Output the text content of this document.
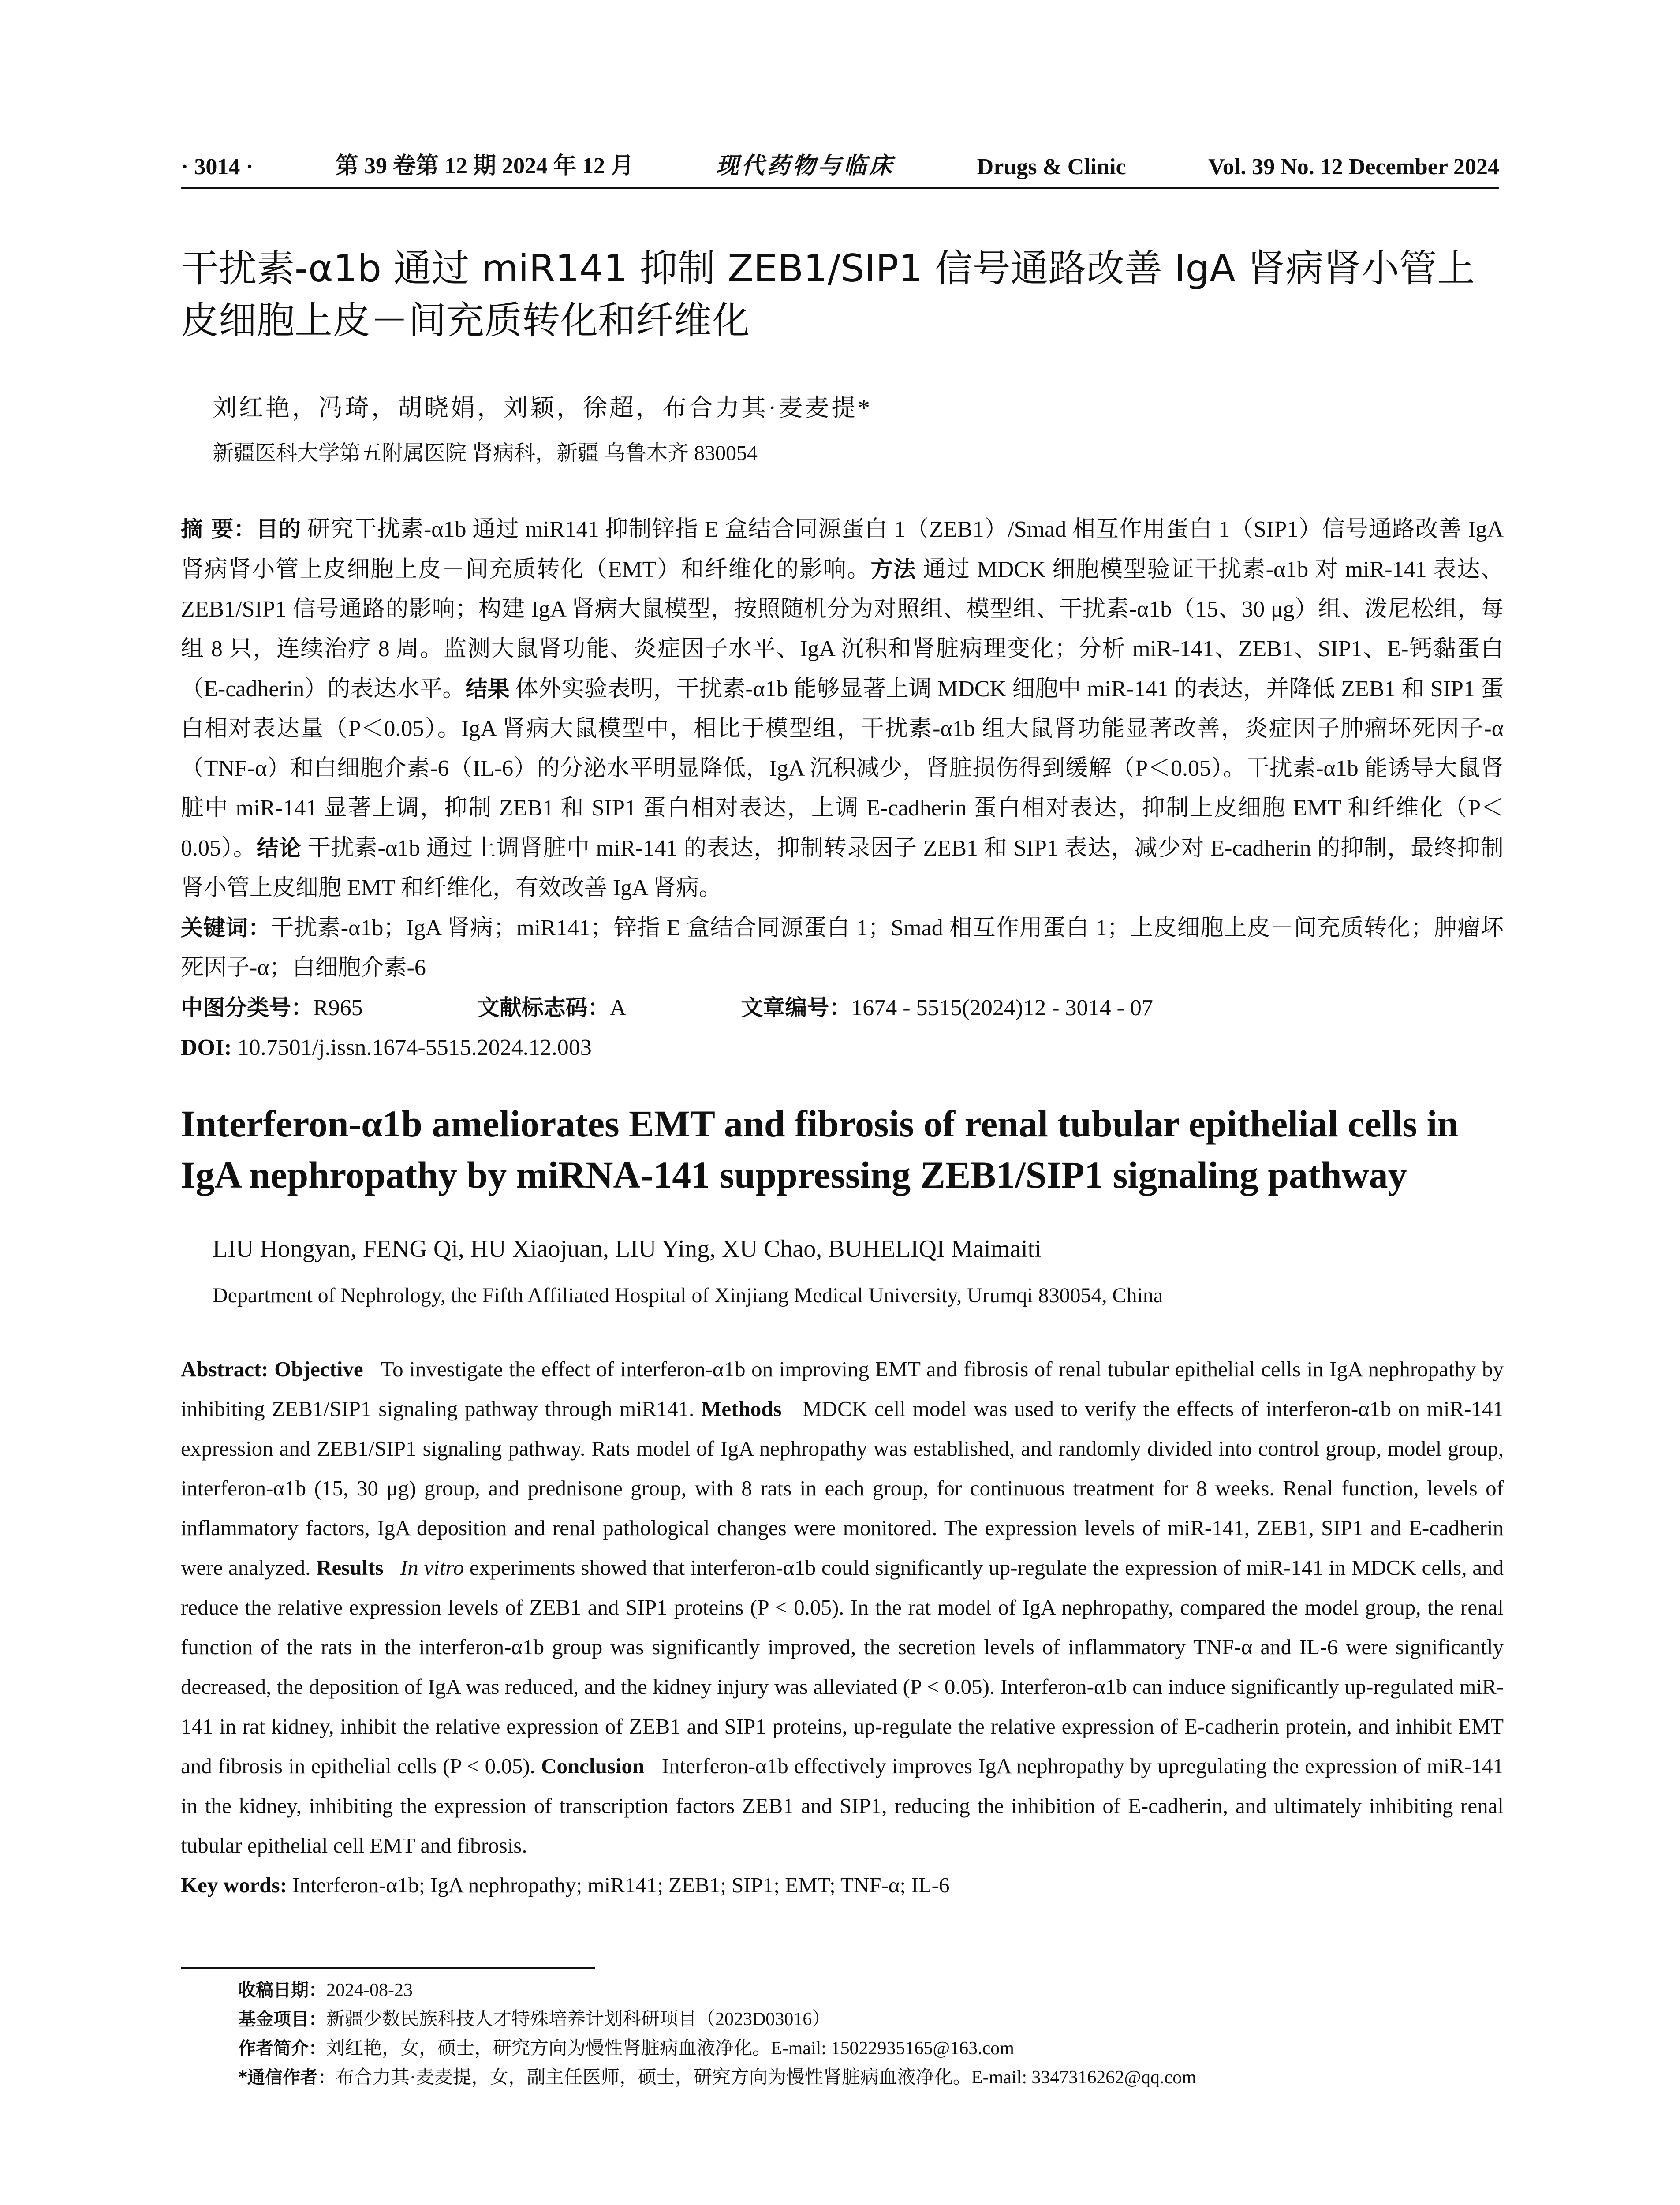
· 3014 ·	第 39 卷第 12 期 2024 年 12 月	现代药物与临床	Drugs & Clinic	Vol. 39 No. 12 December 2024
干扰素-α1b 通过 miR141 抑制 ZEB1/SIP1 信号通路改善 IgA 肾病肾小管上皮细胞上皮－间充质转化和纤维化
刘红艳，冯琦，胡晓娟，刘颖，徐超，布合力其·麦麦提*
新疆医科大学第五附属医院 肾病科，新疆 乌鲁木齐 830054

摘 要：目的 研究干扰素-α1b 通过 miR141 抑制锌指 E 盒结合同源蛋白 1（ZEB1）/Smad 相互作用蛋白 1（SIP1）信号通路改善 IgA 肾病肾小管上皮细胞上皮－间充质转化（EMT）和纤维化的影响。方法 通过 MDCK 细胞模型验证干扰素-α1b 对 miR-141 表达、ZEB1/SIP1 信号通路的影响；构建 IgA 肾病大鼠模型，按照随机分为对照组、模型组、干扰素-α1b（15、30 μg）组、泼尼松组，每组 8 只，连续治疗 8 周。监测大鼠肾功能、炎症因子水平、IgA 沉积和肾脏病理变化；分析 miR-141、ZEB1、SIP1、E-钙黏蛋白（E-cadherin）的表达水平。结果 体外实验表明，干扰素-α1b 能够显著上调 MDCK 细胞中 miR-141 的表达，并降低 ZEB1 和 SIP1 蛋白相对表达量（P＜0.05）。IgA 肾病大鼠模型中，相比于模型组，干扰素-α1b 组大鼠肾功能显著改善，炎症因子肿瘤坏死因子-α（TNF-α）和白细胞介素-6（IL-6）的分泌水平明显降低，IgA 沉积减少，肾脏损伤得到缓解（P＜0.05）。干扰素-α1b 能诱导大鼠肾脏中 miR-141 显著上调，抑制 ZEB1 和 SIP1 蛋白相对表达，上调 E-cadherin 蛋白相对表达，抑制上皮细胞 EMT 和纤维化（P＜0.05）。结论 干扰素-α1b 通过上调肾脏中 miR-141 的表达，抑制转录因子 ZEB1 和 SIP1 表达，减少对 E-cadherin 的抑制，最终抑制肾小管上皮细胞 EMT 和纤维化，有效改善 IgA 肾病。

关键词：干扰素-α1b；IgA 肾病；miR141；锌指 E 盒结合同源蛋白 1；Smad 相互作用蛋白 1；上皮细胞上皮－间充质转化；肿瘤坏死因子-α；白细胞介素-6

中图分类号：R965	文献标志码：A	文章编号：1674 - 5515(2024)12 - 3014 - 07

DOI: 10.7501/j.issn.1674-5515.2024.12.003

Interferon-α1b ameliorates EMT and fibrosis of renal tubular epithelial cells in IgA nephropathy by miRNA-141 suppressing ZEB1/SIP1 signaling pathway
LIU Hongyan, FENG Qi, HU Xiaojuan, LIU Ying, XU Chao, BUHELIQI Maimaiti
Department of Nephrology, the Fifth Affiliated Hospital of Xinjiang Medical University, Urumqi 830054, China

Abstract: Objective To investigate the effect of interferon-α1b on improving EMT and fibrosis of renal tubular epithelial cells in IgA nephropathy by inhibiting ZEB1/SIP1 signaling pathway through miR141. Methods MDCK cell model was used to verify the effects of interferon-α1b on miR-141 expression and ZEB1/SIP1 signaling pathway. Rats model of IgA nephropathy was established, and randomly divided into control group, model group, interferon-α1b (15, 30 μg) group, and prednisone group, with 8 rats in each group, for continuous treatment for 8 weeks. Renal function, levels of inflammatory factors, IgA deposition and renal pathological changes were monitored. The expression levels of miR-141, ZEB1, SIP1 and E-cadherin were analyzed. Results In vitro experiments showed that interferon-α1b could significantly up-regulate the expression of miR-141 in MDCK cells, and reduce the relative expression levels of ZEB1 and SIP1 proteins (P < 0.05). In the rat model of IgA nephropathy, compared the model group, the renal function of the rats in the interferon-α1b group was significantly improved, the secretion levels of inflammatory TNF-α and IL-6 were significantly decreased, the deposition of IgA was reduced, and the kidney injury was alleviated (P < 0.05). Interferon-α1b can induce significantly up-regulated miR-141 in rat kidney, inhibit the relative expression of ZEB1 and SIP1 proteins, up-regulate the relative expression of E-cadherin protein, and inhibit EMT and fibrosis in epithelial cells (P < 0.05). Conclusion Interferon-α1b effectively improves IgA nephropathy by upregulating the expression of miR-141 in the kidney, inhibiting the expression of transcription factors ZEB1 and SIP1, reducing the inhibition of E-cadherin, and ultimately inhibiting renal tubular epithelial cell EMT and fibrosis.

Key words: Interferon-α1b; IgA nephropathy; miR141; ZEB1; SIP1; EMT; TNF-α; IL-6

收稿日期：2024-08-23

基金项目：新疆少数民族科技人才特殊培养计划科研项目（2023D03016）

作者简介：刘红艳，女，硕士，研究方向为慢性肾脏病血液净化。E-mail: 15022935165@163.com

*通信作者：布合力其·麦麦提，女，副主任医师，硕士，研究方向为慢性肾脏病血液净化。E-mail: 3347316262@qq.com
